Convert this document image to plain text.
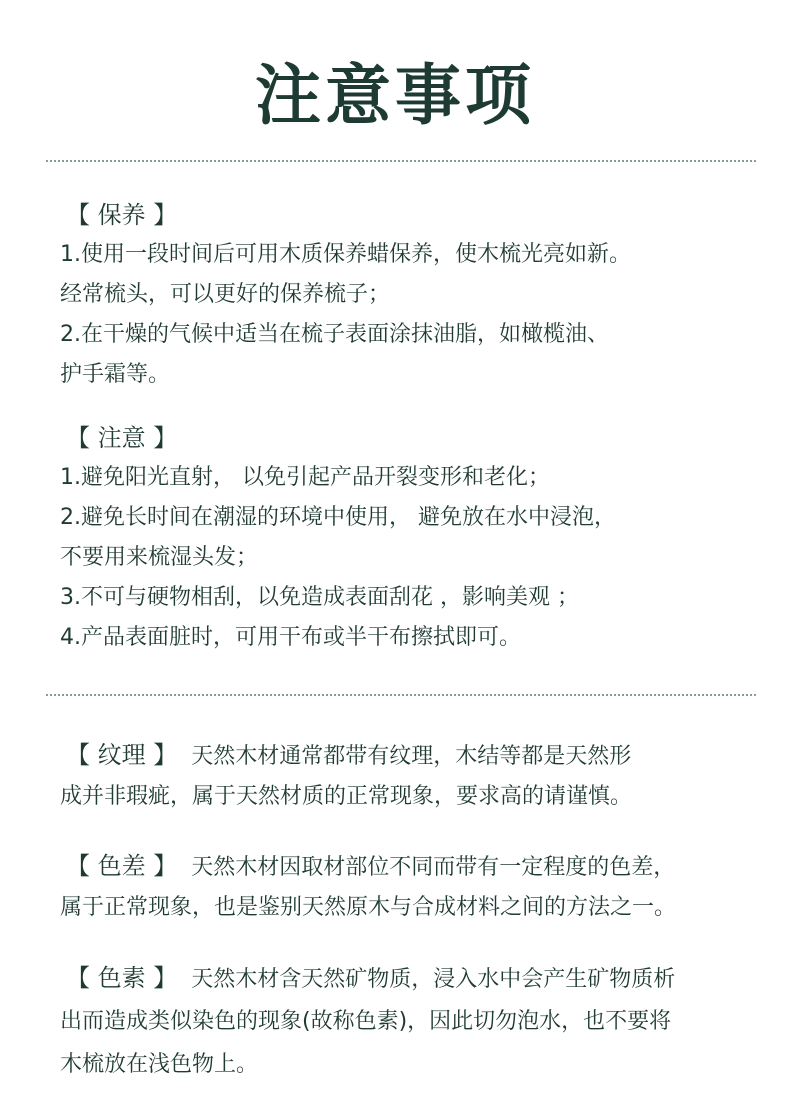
注意事项
【 保养 】
1.使用一段时间后可用木质保养蜡保养，使木梳光亮如新。
经常梳头，可以更好的保养梳子；
2.在干燥的气候中适当在梳子表面涂抹油脂，如橄榄油、
护手霜等。
【 注意 】
1.避免阳光直射， 以免引起产品开裂变形和老化；
2.避免长时间在潮湿的环境中使用， 避免放在水中浸泡，
不要用来梳湿头发；
3.不可与硬物相刮，以免造成表面刮花 ，影响美观 ；
4.产品表面脏时，可用干布或半干布擦拭即可。
【 纹理 】 天然木材通常都带有纹理，木结等都是天然形
成并非瑕疵，属于天然材质的正常现象，要求高的请谨慎。
【 色差 】 天然木材因取材部位不同而带有一定程度的色差，
属于正常现象，也是鉴别天然原木与合成材料之间的方法之一。
【 色素 】 天然木材含天然矿物质，浸入水中会产生矿物质析
出而造成类似染色的现象(故称色素)，因此切勿泡水，也不要将
木梳放在浅色物上。
